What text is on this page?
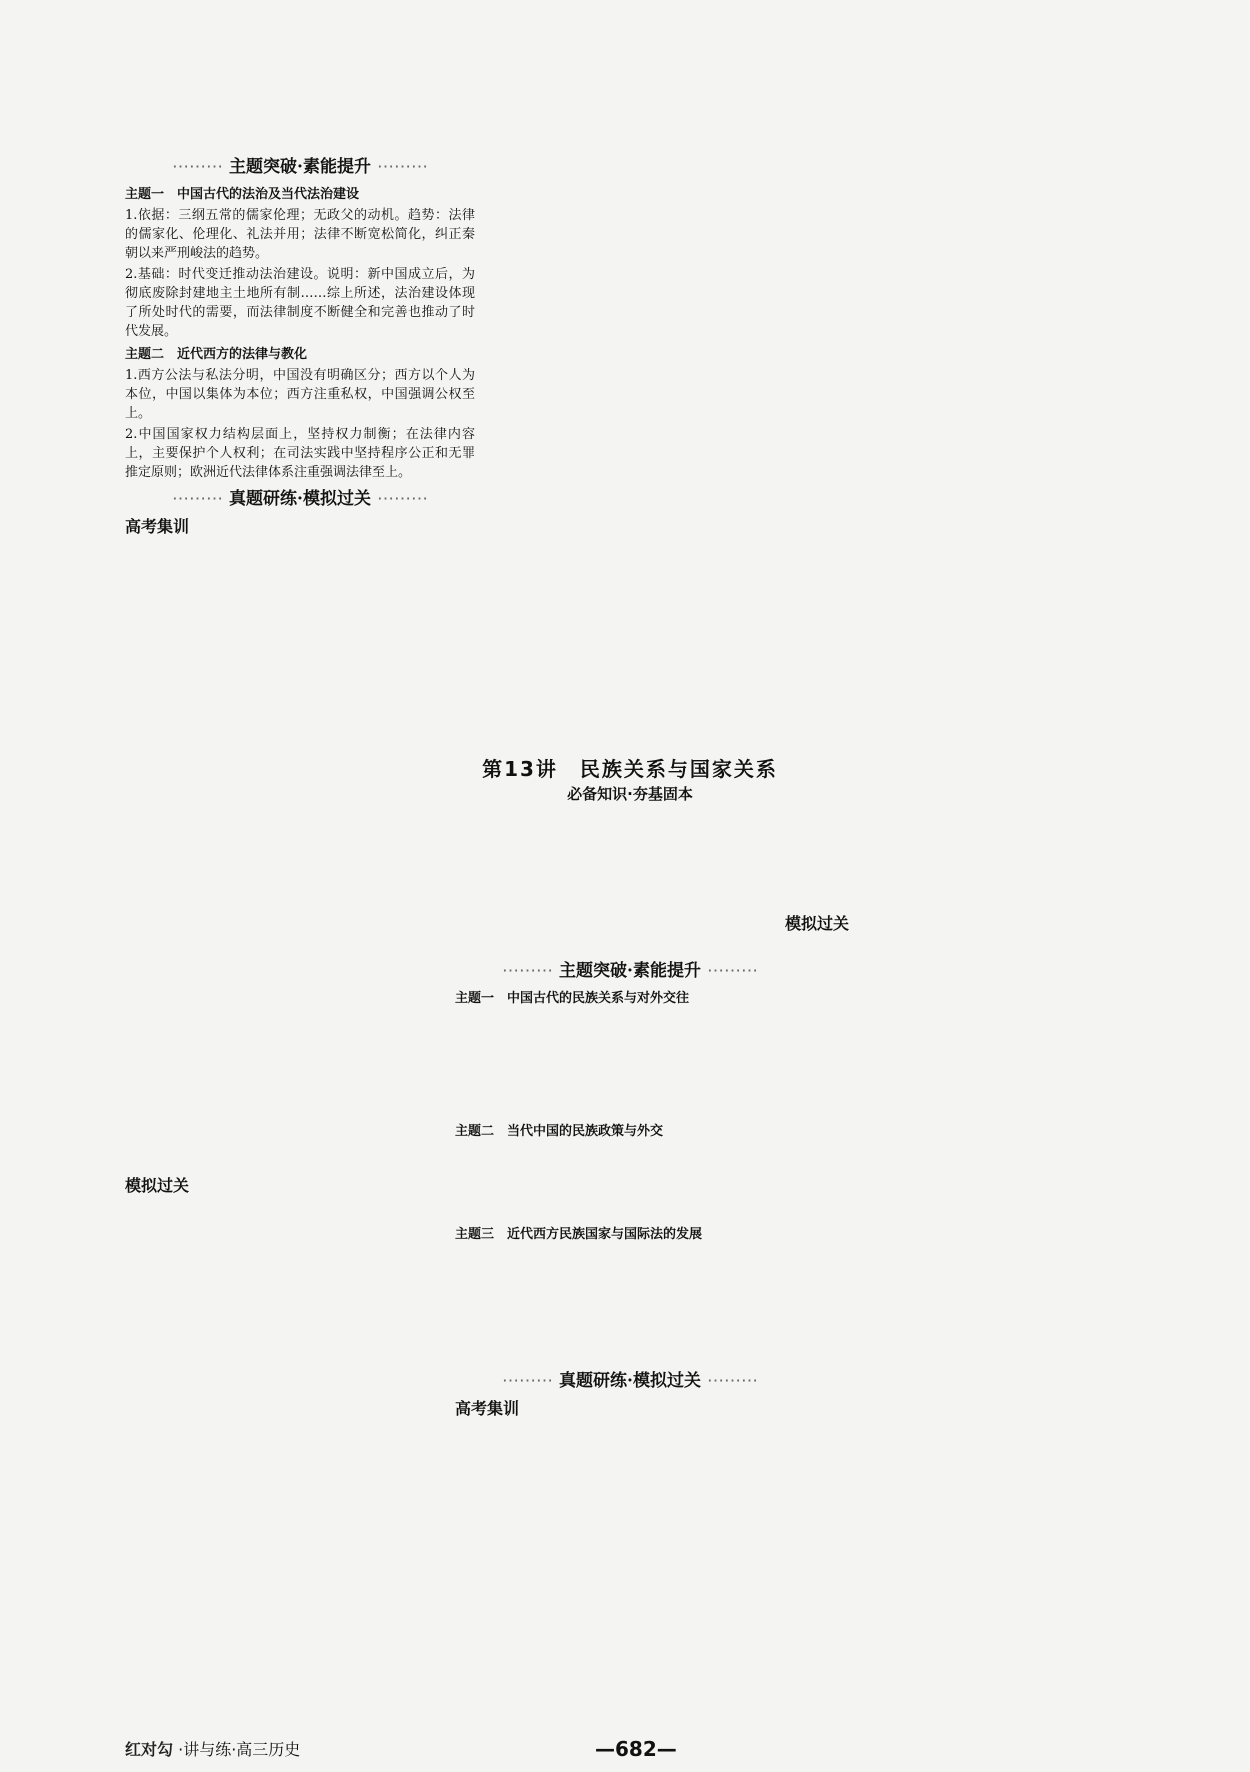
⋯⋯⋯ 主题突破·素能提升 ⋯⋯⋯
主题一　中国古代的法治及当代法治建设

1.依据：三纲五常的儒家伦理；无政父的动机。趋势：法律的儒家化、伦理化、礼法并用；法律不断宽松简化，纠正秦朝以来严刑峻法的趋势。

2.基础：时代变迁推动法治建设。说明：新中国成立后，为彻底废除封建地主土地所有制……综上所述，法治建设体现了所处时代的需要，而法律制度不断健全和完善也推动了时代发展。

主题二　近代西方的法律与教化

1.西方公法与私法分明，中国没有明确区分；西方以个人为本位，中国以集体为本位；西方注重私权，中国强调公权至上。

2.中国国家权力结构层面上，坚持权力制衡；在法律内容上，主要保护个人权利；在司法实践中坚持程序公正和无罪推定原则；欧洲近代法律体系注重强调法律至上。

⋯⋯⋯ 真题研练·模拟过关 ⋯⋯⋯
高考集训
模拟过关
第13讲　民族关系与国家关系
必备知识·夯基固本
⋯⋯⋯ 主题突破·素能提升 ⋯⋯⋯
主题一　中国古代的民族关系与对外交往
主题二　当代中国的民族政策与外交
主题三　近代西方民族国家与国际法的发展
⋯⋯⋯ 真题研练·模拟过关 ⋯⋯⋯
高考集训
模拟过关
红对勾 ·讲与练·高三历史	—682—
